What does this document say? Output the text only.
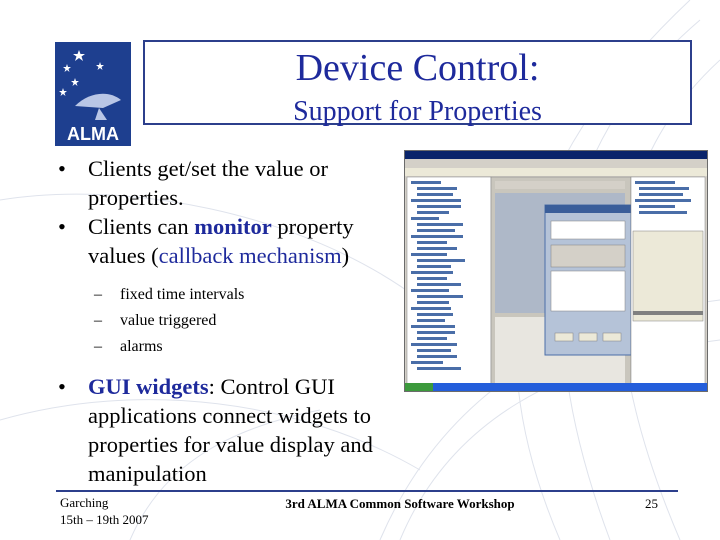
ALMA
Device Control:
Support for Properties
• Clients get/set the value or properties.
• Clients can monitor property values (callback mechanism)
– fixed time intervals
– value triggered
– alarms
• GUI widgets: Control GUI applications connect widgets to properties for value display and manipulation
Garching
15th – 19th 2007
3rd ALMA Common Software Workshop	25
